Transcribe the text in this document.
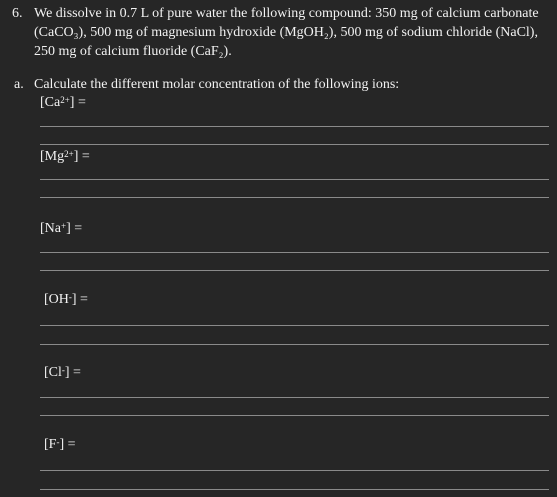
6. We dissolve in 0.7 L of pure water the following compound: 350 mg of calcium carbonate (CaCO₃), 500 mg of magnesium hydroxide (MgOH₂), 500 mg of sodium chloride (NaCl), 250 mg of calcium fluoride (CaF₂).
a. Calculate the different molar concentration of the following ions:
$[Ca^{2+}]$ =
$[Mg^{2+}]$ =
[Na+] =
[OH-] =
[Cl-] =
[F-] =
